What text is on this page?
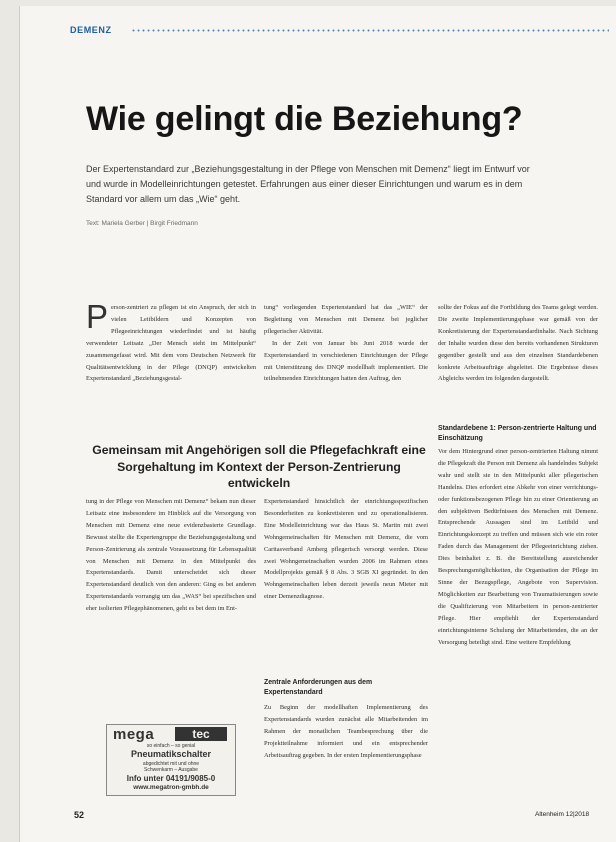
DEMENZ
Wie gelingt die Beziehung?
Der Expertenstandard zur „Beziehungsgestaltung in der Pflege von Menschen mit Demenz“ liegt im Entwurf vor und wurde in Modelleinrichtungen getestet. Erfahrungen aus einer dieser Einrichtungen und warum es in dem Standard vor allem um das „Wie“ geht.
Text: Mariela Gerber | Birgit Friedmann
P erson-zentriert zu pflegen ist ein Anspruch, der sich in vielen Leitbildern und Konzepten von Pflegeeinrichtungen wiederfindet und ist häufig verwendeter Leitsatz „Der Mensch steht im Mittelpunkt“ zusammengefasst wird. Mit dem vom Deutschen Netzwerk für Qualitätsentwicklung in der Pflege (DNQP) entwickelten Expertenstandard „Beziehungsgestal-

tung“ vorliegenden Expertenstandard hat das „WIE“ der Begleitung von Menschen mit Demenz bei jeglicher pflegerischer Aktivität.

In der Zeit von Januar bis Juni 2018 wurde der Expertenstandard in verschiedenen Einrichtungen der Pflege mit Unterstützung des DNQP modellhaft implementiert. Die teilnehmenden Einrichtungen hatten den Auftrag, den

Gemeinsam mit Angehörigen soll die Pflegefachkraft eine Sorgehaltung im Kontext der Person-Zentrierung entwickeln

tung in der Pflege von Menschen mit Demenz“ bekam nun dieser Leitsatz eine insbesondere im Hinblick auf die Versorgung von Menschen mit Demenz eine neue evidenzbasierte Grundlage. Bewusst stellte die Expertengruppe die Beziehungsgestaltung und Person-Zentrierung als zentrale Voraussetzung für Lebensqualität von Menschen mit Demenz in den Mittelpunkt des Expertenstandards. Damit unterscheidet sich dieser Expertenstandard deutlich von den anderen: Ging es bei anderen Expertenstandards vorrangig um das „WAS“ bei spezifischen und eher isolierten Pflegephänomenen, geht es bei dem im Ent-

Expertenstandard hinsichtlich der einrichtungsspezifischen Besonderheiten zu konkretisieren und zu operationalisieren. Eine Modelleinrichtung war das Haus St. Martin mit zwei Wohngemeinschaften für Menschen mit Demenz, die vom Caritasverband Amberg pflegerisch versorgt werden. Diese zwei Wohngemeinschaften wurden 2006 im Rahmen eines Modellprojekts gemäß § 8 Abs. 3 SGB XI gegründet. In den Wohngemeinschaften leben derzeit jeweils neun Mieter mit einer Demenzdiagnose.

Zentrale Anforderungen aus dem Expertenstandard

Zu Beginn der modellhaften Implementierung des Expertenstandards wurden zunächst alle Mitarbeitenden im Rahmen der monatlichen Teambesprechung über die Projektteilnahme informiert und ein entsprechender Arbeitsauftrag gegeben. In der ersten Implementierungsphase

sollte der Fokus auf die Fortbildung des Teams gelegt werden. Die zweite Implementierungsphase war gemäß von der Konkretisierung der Expertenstandardinhalte. Nach Sichtung der Inhalte wurden diese den bereits vorhandenen Strukturen gegenüber gestellt und aus den einzelnen Standardebenen konkrete Arbeitsaufträge abgeleitet. Die Ergebnisse dieses Abgleichs werden im folgenden dargestellt.

Standardebene 1: Person-zentrierte Haltung und Einschätzung

Vor dem Hintergrund einer person-zentrierten Haltung nimmt die Pflegekraft die Person mit Demenz als handelndes Subjekt wahr und stellt sie in den Mittelpunkt aller pflegerischen Handelns. Dies erfordert eine Abkehr von einer verrichtungs- oder funktionsbezogenen Pflege hin zu einer Orientierung an den subjektiven Bedürfnissen des Menschen mit Demenz. Entsprechende Aussagen sind im Leitbild und Einrichtungskonzept zu treffen und müssen sich wie ein roter Faden durch das Management der Pflegeeinrichtung ziehen. Dies beinhaltet z. B. die Bereitstellung ausreichender Besprechungsmöglichkeiten, die Organisation der Pflege im Sinne der Bezugspflege, Angebote von Supervision. Möglichkeiten zur Bearbeitung von Traumatisierungen sowie die Qualifizierung von Mitarbeitern in person-zentrierter Pflege. Hier empfiehlt der Expertenstandard einrichtungsinterne Schulung der Mitarbeitenden, die an der Versorgung beteiligt sind. Eine weitere Empfehlung

mega	tec
so einfach – so genial
Pneumatikschalter
abgedichtet mit und ohne
Schwenkarm – Ausgabe
Info unter 04191/9085-0
www.megatron-gmbh.de
52	Altenheim 12|2018
